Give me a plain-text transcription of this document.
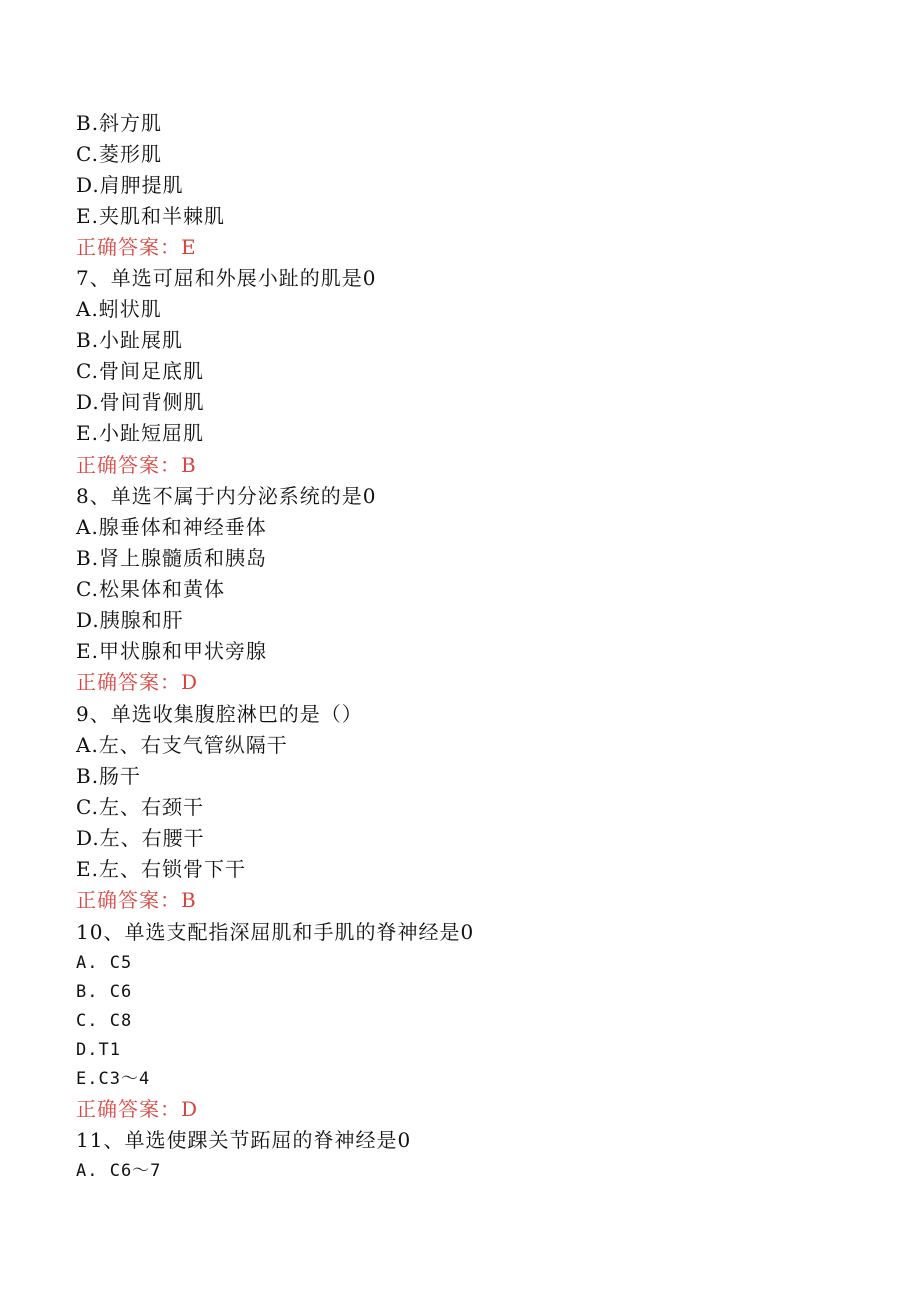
B.斜方肌
C.菱形肌
D.肩胛提肌
E.夹肌和半棘肌
正确答案：E
7、单选可屈和外展小趾的肌是0
A.蚓状肌
B.小趾展肌
C.骨间足底肌
D.骨间背侧肌
E.小趾短屈肌
正确答案：B
8、单选不属于内分泌系统的是0
A.腺垂体和神经垂体
B.肾上腺髓质和胰岛
C.松果体和黄体
D.胰腺和肝
E.甲状腺和甲状旁腺
正确答案：D
9、单选收集腹腔淋巴的是（）
A.左、右支气管纵隔干
B.肠干
C.左、右颈干
D.左、右腰干
E.左、右锁骨下干
正确答案：B
10、单选支配指深屈肌和手肌的脊神经是0
A. C5
B. C6
C. C8
D.T1
E.C3～4
正确答案：D
11、单选使踝关节跖屈的脊神经是0
A. C6～7
